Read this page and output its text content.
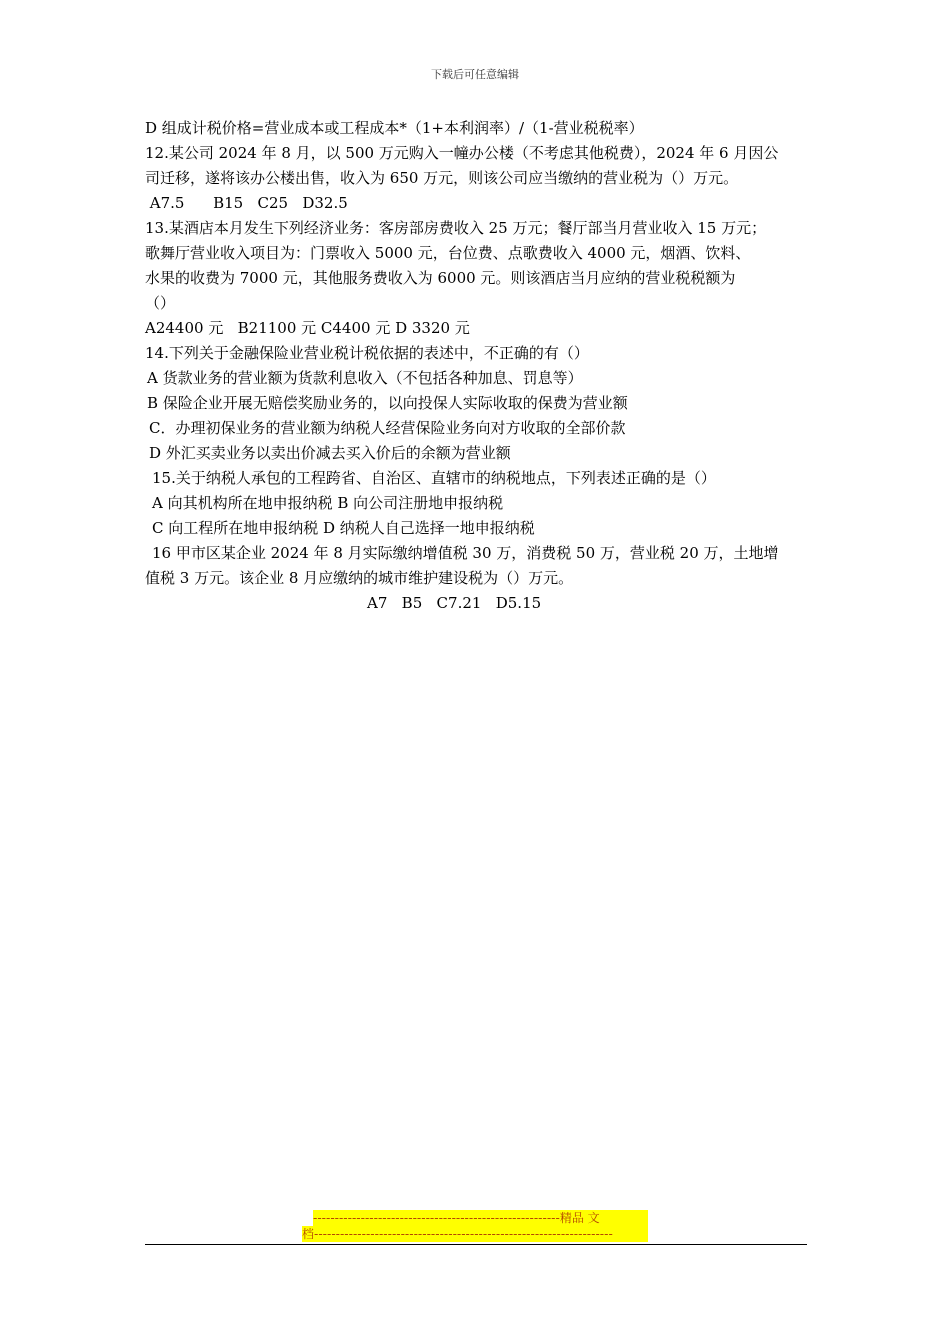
下载后可任意编辑

D 组成计税价格=营业成本或工程成本*（1+本利润率）/（1-营业税税率）

12.某公司 2024 年 8 月，以 500 万元购入一幢办公楼（不考虑其他税费），2024 年 6 月因公

司迁移，遂将该办公楼出售，收入为 650 万元，则该公司应当缴纳的营业税为（）万元。

A7.5      B15   C25   D32.5

13.某酒店本月发生下列经济业务：客房部房费收入 25 万元；餐厅部当月营业收入 15 万元；

歌舞厅营业收入项目为：门票收入 5000 元，台位费、点歌费收入 4000 元，烟酒、饮料、

水果的收费为 7000 元，其他服务费收入为 6000 元。则该酒店当月应纳的营业税税额为

（）

A24400 元   B21100 元 C4400 元 D 3320 元

14.下列关于金融保险业营业税计税依据的表述中，不正确的有（）

A 货款业务的营业额为货款利息收入（不包括各种加息、罚息等）

B 保险企业开展无赔偿奖励业务的，以向投保人实际收取的保费为营业额

C．办理初保业务的营业额为纳税人经营保险业务向对方收取的全部价款

D 外汇买卖业务以卖出价减去买入价后的余额为营业额

15.关于纳税人承包的工程跨省、自治区、直辖市的纳税地点，下列表述正确的是（）

A 向其机构所在地申报纳税 B 向公司注册地申报纳税

C 向工程所在地申报纳税 D 纳税人自己选择一地申报纳税

16 甲市区某企业 2024 年 8 月实际缴纳增值税 30 万，消费税 50 万，营业税 20 万，土地增

值税 3 万元。该企业 8 月应缴纳的城市维护建设税为（）万元。

A7   B5   C7.21   D5.15

---------------------------------------------------------精品 文
档---------------------------------------------------------------------
